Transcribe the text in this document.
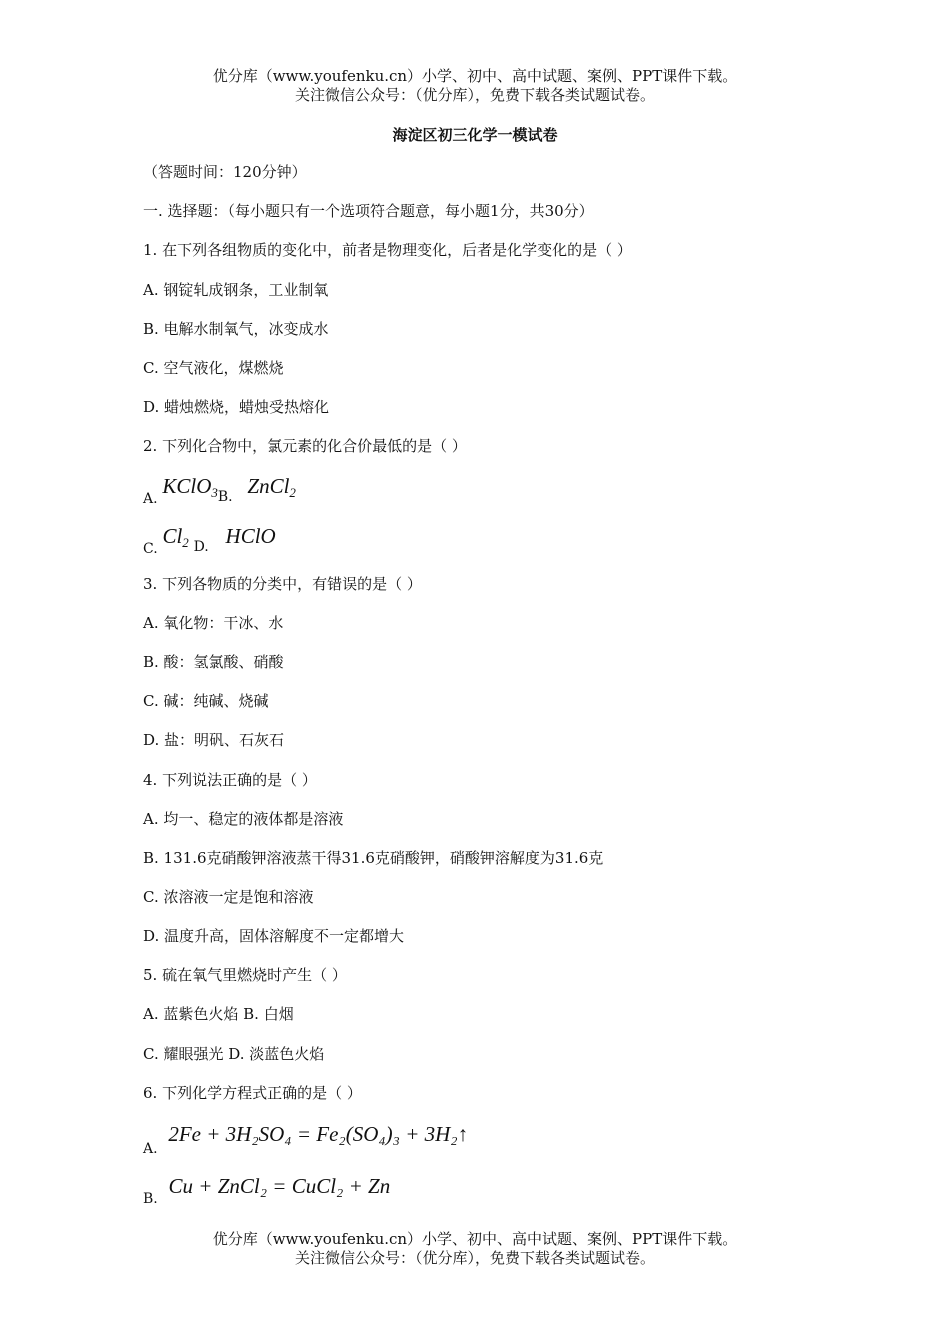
优分库（www.youfenku.cn）小学、初中、高中试题、案例、PPT课件下载。
关注微信公众号：（优分库），免费下载各类试题试卷。
海淀区初三化学一模试卷
（答题时间：120分钟）
一. 选择题：（每小题只有一个选项符合题意，每小题1分，共30分）
1. 在下列各组物质的变化中，前者是物理变化，后者是化学变化的是（ ）
A. 钢锭轧成钢条，工业制氧
B. 电解水制氧气，冰变成水
C. 空气液化，煤燃烧
D. 蜡烛燃烧，蜡烛受热熔化
2. 下列化合物中，氯元素的化合价最低的是（ ）
A. KClO$_3$B. ZnCl$_2$
C. $Cl_2$ D. HClO
3. 下列各物质的分类中，有错误的是（ ）
A. 氧化物：干冰、水
B. 酸：氢氯酸、硝酸
C. 碱：纯碱、烧碱
D. 盐：明矾、石灰石
4. 下列说法正确的是（ ）
A. 均一、稳定的液体都是溶液
B. 131.6克硝酸钾溶液蒸干得31.6克硝酸钾，硝酸钾溶解度为31.6克
C. 浓溶液一定是饱和溶液
D. 温度升高，固体溶解度不一定都增大
5. 硫在氧气里燃烧时产生（ ）
A. 蓝紫色火焰 B. 白烟
C. 耀眼强光 D. 淡蓝色火焰
6. 下列化学方程式正确的是（ ）
A. 2Fe + 3H₂SO₄ = Fe₂(SO₄)₃ + 3H₂↑
B. Cu + ZnCl₂ = CuCl₂ + Zn
优分库（www.youfenku.cn）小学、初中、高中试题、案例、PPT课件下载。
关注微信公众号：（优分库），免费下载各类试题试卷。
